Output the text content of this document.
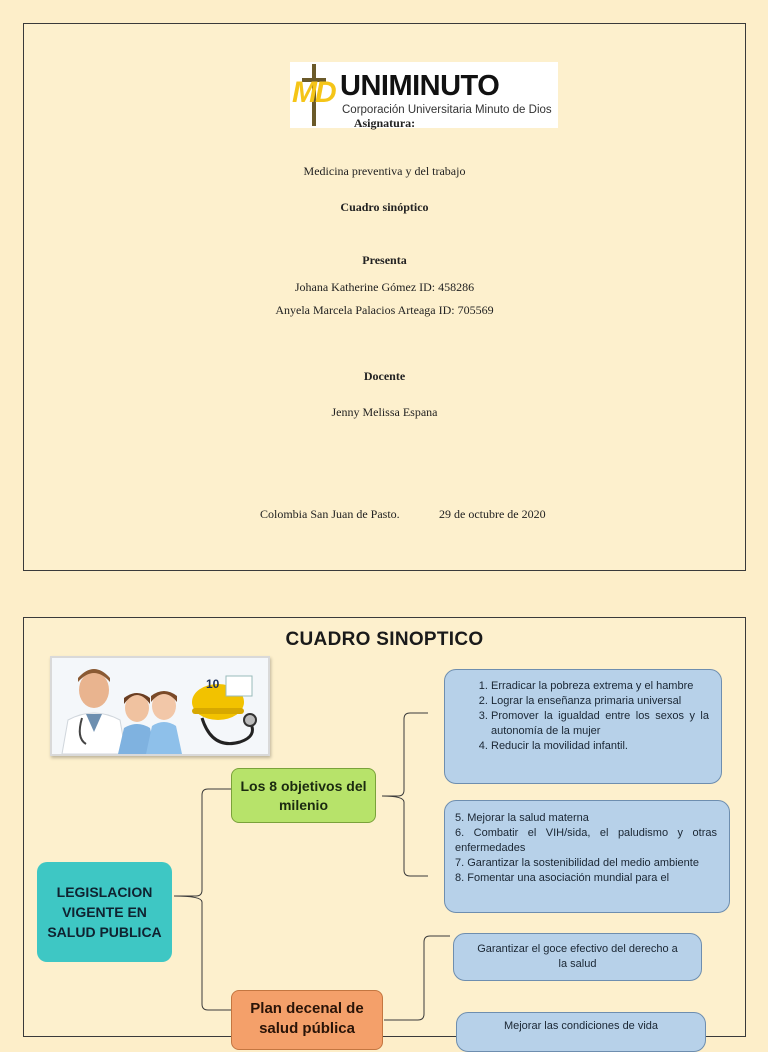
MD UNIMINUTO
Corporación Universitaria Minuto de Dios
Asignatura:
Medicina preventiva y del trabajo
Cuadro sinóptico
Presenta
Johana Katherine Gómez ID: 458286
Anyela Marcela Palacios Arteaga ID: 705569
Docente
Jenny Melissa Espana
Colombia San Juan de Pasto.	29 de octubre de 2020
CUADRO SINOPTICO
10
LEGISLACION VIGENTE EN SALUD PUBLICA
Los 8 objetivos del milenio
Plan decenal de salud pública
1. Erradicar la pobreza extrema y el hambre
2. Lograr la enseñanza primaria universal
3. Promover la igualdad entre los sexos y la autonomía de la mujer
4. Reducir la movilidad infantil.
5. Mejorar la salud materna
6. Combatir el VIH/sida, el paludismo y otras enfermedades
7. Garantizar la sostenibilidad del medio ambiente
8. Fomentar una asociación mundial para el
Garantizar el goce efectivo del derecho a la salud
Mejorar las condiciones de vida
